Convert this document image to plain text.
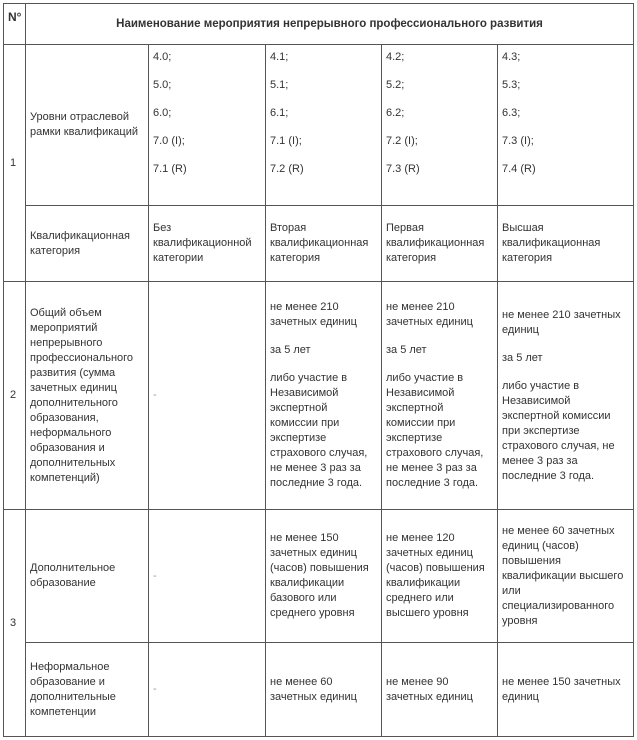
N°	Наименование мероприятия непрерывного профессионального развития				
1	Уровни отраслевой рамки квалификаций	4.0;
5.0;
6.0;
7.0 (I);
7.1 (R)	4.1;
5.1;
6.1;
7.1 (I);
7.2 (R)	4.2;
5.2;
6.2;
7.2 (I);
7.3 (R)	4.3;
5.3;
6.3;
7.3 (I);
7.4 (R)

	Квалификационная категория	Без квалификационной категории	Вторая квалификационная категория	Первая квалификационная категория	Высшая квалификационная категория
2	Общий объем мероприятий непрерывного профессионального развития (сумма зачетных единиц дополнительного образования, неформального образования и дополнительных компетенций)	-	не менее 210 зачетных единиц
за 5 лет
либо участие в Независимой экспертной комиссии при экспертизе страхового случая, не менее 3 раз за последние 3 года.	не менее 210 зачетных единиц
за 5 лет
либо участие в Независимой экспертной комиссии при экспертизе страхового случая, не менее 3 раз за последние 3 года.	не менее 210 зачетных единиц
за 5 лет
либо участие в Независимой экспертной комиссии при экспертизе страхового случая, не менее 3 раз за последние 3 года.

3	Дополнительное образование	-	не менее 150 зачетных единиц (часов) повышения квалификации базового или среднего уровня	не менее 120 зачетных единиц (часов) повышения квалификации среднего или высшего уровня	не менее 60 зачетных единиц (часов) повышения квалификации высшего или специализированного уровня
	Неформальное образование и дополнительные компетенции	-	не менее 60 зачетных единиц	не менее 90 зачетных единиц	не менее 150 зачетных единиц
